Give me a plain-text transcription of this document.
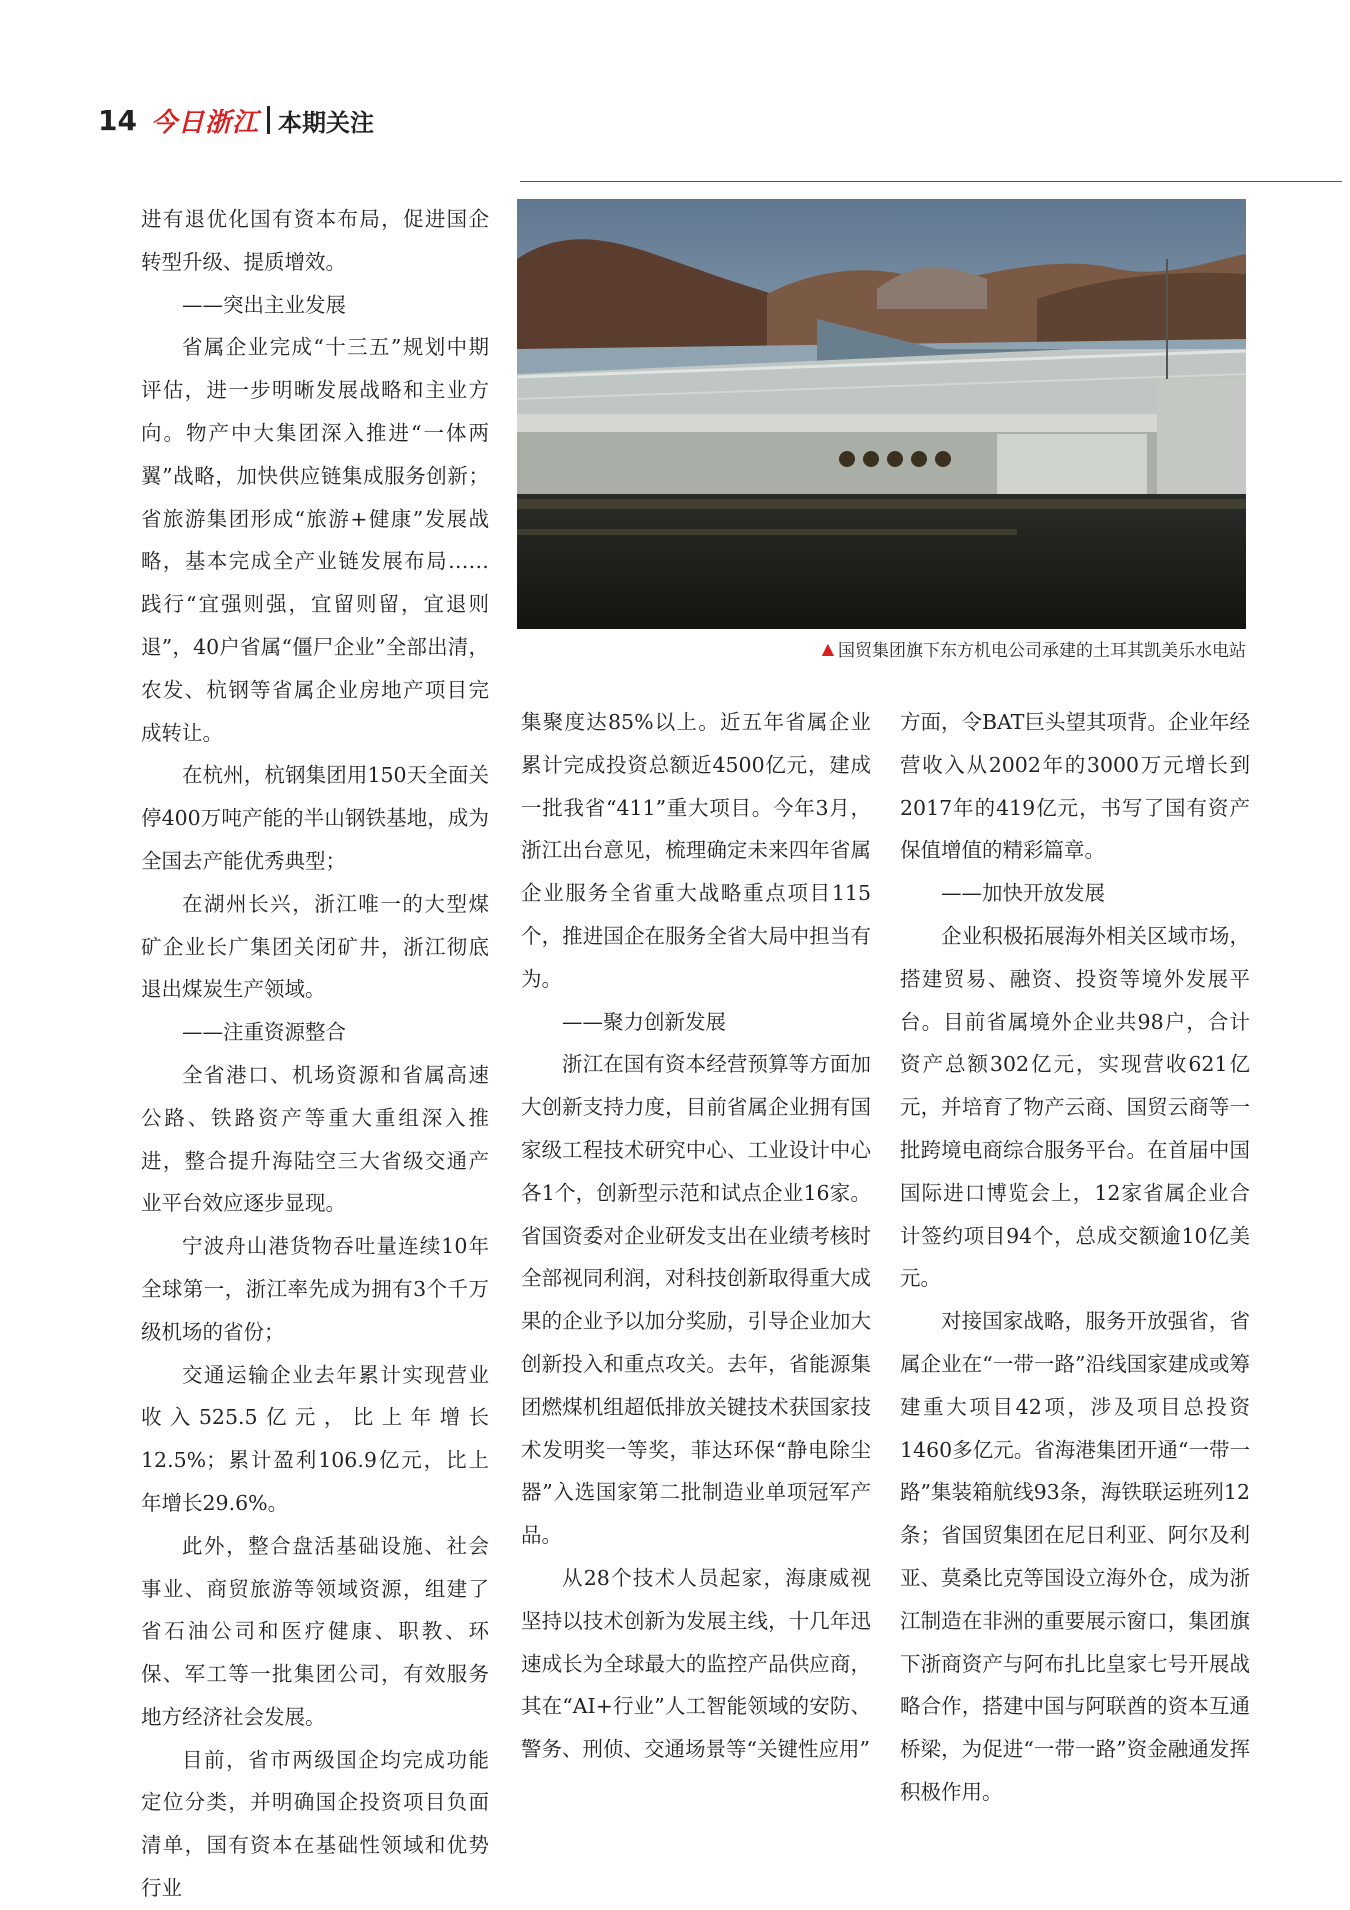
14 今日浙江 本期关注
▲ 国贸集团旗下东方机电公司承建的土耳其凯美乐水电站

进有退优化国有资本布局，促进国企转型升级、提质增效。

——突出主业发展

省属企业完成“十三五”规划中期评估，进一步明晰发展战略和主业方向。物产中大集团深入推进“一体两翼”战略，加快供应链集成服务创新；省旅游集团形成“旅游+健康”发展战略，基本完成全产业链发展布局……践行“宜强则强，宜留则留，宜退则退”，40户省属“僵尸企业”全部出清，农发、杭钢等省属企业房地产项目完成转让。

在杭州，杭钢集团用150天全面关停400万吨产能的半山钢铁基地，成为全国去产能优秀典型；

在湖州长兴，浙江唯一的大型煤矿企业长广集团关闭矿井，浙江彻底退出煤炭生产领域。

——注重资源整合

全省港口、机场资源和省属高速公路、铁路资产等重大重组深入推进，整合提升海陆空三大省级交通产业平台效应逐步显现。

宁波舟山港货物吞吐量连续10年全球第一，浙江率先成为拥有3个千万级机场的省份；

交通运输企业去年累计实现营业收入525.5亿元，比上年增长12.5%；累计盈利106.9亿元，比上年增长29.6%。

此外，整合盘活基础设施、社会事业、商贸旅游等领域资源，组建了省石油公司和医疗健康、职教、环保、军工等一批集团公司，有效服务地方经济社会发展。

目前，省市两级国企均完成功能定位分类，并明确国企投资项目负面清单，国有资本在基础性领域和优势行业

集聚度达85%以上。近五年省属企业累计完成投资总额近4500亿元，建成一批我省“411”重大项目。今年3月，浙江出台意见，梳理确定未来四年省属企业服务全省重大战略重点项目115个，推进国企在服务全省大局中担当有为。

——聚力创新发展

浙江在国有资本经营预算等方面加大创新支持力度，目前省属企业拥有国家级工程技术研究中心、工业设计中心各1个，创新型示范和试点企业16家。省国资委对企业研发支出在业绩考核时全部视同利润，对科技创新取得重大成果的企业予以加分奖励，引导企业加大创新投入和重点攻关。去年，省能源集团燃煤机组超低排放关键技术获国家技术发明奖一等奖，菲达环保“静电除尘器”入选国家第二批制造业单项冠军产品。

从28个技术人员起家，海康威视坚持以技术创新为发展主线，十几年迅速成长为全球最大的监控产品供应商，其在“AI+行业”人工智能领域的安防、警务、刑侦、交通场景等“关键性应用”

方面，令BAT巨头望其项背。企业年经营收入从2002年的3000万元增长到2017年的419亿元，书写了国有资产保值增值的精彩篇章。

——加快开放发展

企业积极拓展海外相关区域市场，搭建贸易、融资、投资等境外发展平台。目前省属境外企业共98户，合计资产总额302亿元，实现营收621亿元，并培育了物产云商、国贸云商等一批跨境电商综合服务平台。在首届中国国际进口博览会上，12家省属企业合计签约项目94个，总成交额逾10亿美元。

对接国家战略，服务开放强省，省属企业在“一带一路”沿线国家建成或筹建重大项目42项，涉及项目总投资1460多亿元。省海港集团开通“一带一路”集装箱航线93条，海铁联运班列12条；省国贸集团在尼日利亚、阿尔及利亚、莫桑比克等国设立海外仓，成为浙江制造在非洲的重要展示窗口，集团旗下浙商资产与阿布扎比皇家七号开展战略合作，搭建中国与阿联酋的资本互通桥梁，为促进“一带一路”资金融通发挥积极作用。
